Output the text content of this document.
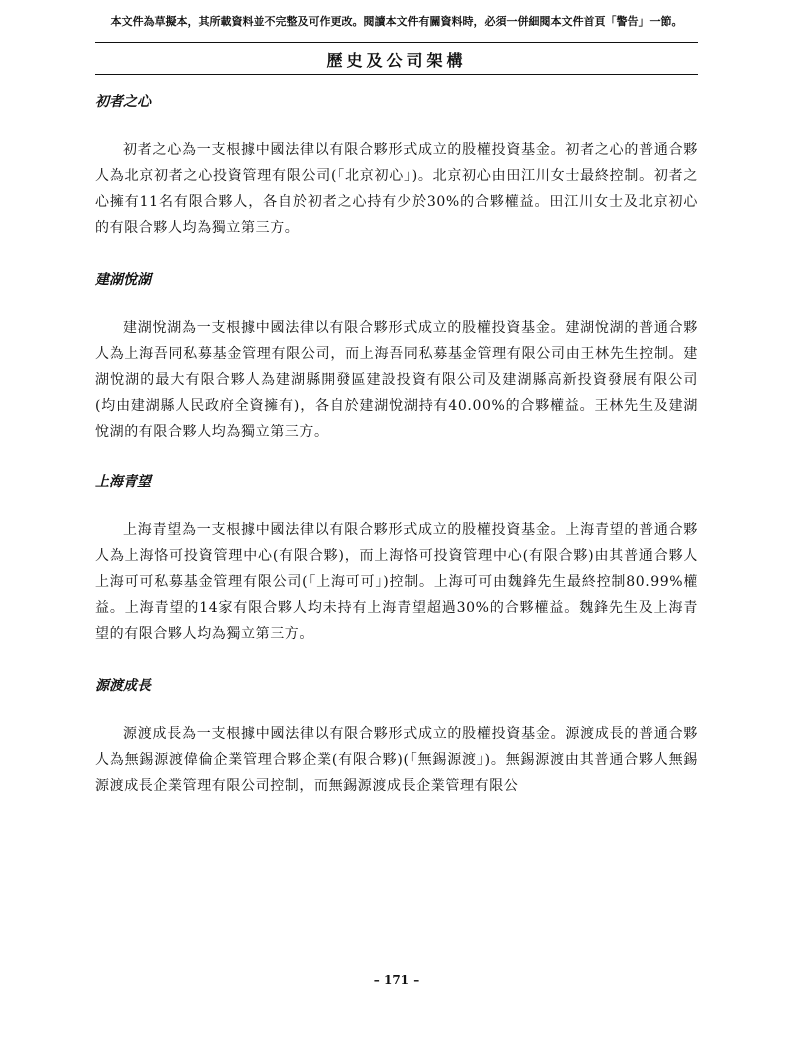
本文件為草擬本，其所載資料並不完整及可作更改。閱讀本文件有關資料時，必須一併細閱本文件首頁「警告」一節。
歷史及公司架構
初者之心

初者之心為一支根據中國法律以有限合夥形式成立的股權投資基金。初者之心的普通合夥人為北京初者之心投資管理有限公司(「北京初心」)。北京初心由田江川女士最終控制。初者之心擁有11名有限合夥人，各自於初者之心持有少於30%的合夥權益。田江川女士及北京初心的有限合夥人均為獨立第三方。

建湖悅湖

建湖悅湖為一支根據中國法律以有限合夥形式成立的股權投資基金。建湖悅湖的普通合夥人為上海吾同私募基金管理有限公司，而上海吾同私募基金管理有限公司由王林先生控制。建湖悅湖的最大有限合夥人為建湖縣開發區建設投資有限公司及建湖縣高新投資發展有限公司(均由建湖縣人民政府全資擁有)，各自於建湖悅湖持有40.00%的合夥權益。王林先生及建湖悅湖的有限合夥人均為獨立第三方。

上海青望

上海青望為一支根據中國法律以有限合夥形式成立的股權投資基金。上海青望的普通合夥人為上海恪可投資管理中心(有限合夥)，而上海恪可投資管理中心(有限合夥)由其普通合夥人上海可可私募基金管理有限公司(「上海可可」)控制。上海可可由魏鋒先生最終控制80.99%權益。上海青望的14家有限合夥人均未持有上海青望超過30%的合夥權益。魏鋒先生及上海青望的有限合夥人均為獨立第三方。

源渡成長

源渡成長為一支根據中國法律以有限合夥形式成立的股權投資基金。源渡成長的普通合夥人為無錫源渡偉倫企業管理合夥企業(有限合夥)(「無錫源渡」)。無錫源渡由其普通合夥人無錫源渡成長企業管理有限公司控制，而無錫源渡成長企業管理有限公

– 171 –
